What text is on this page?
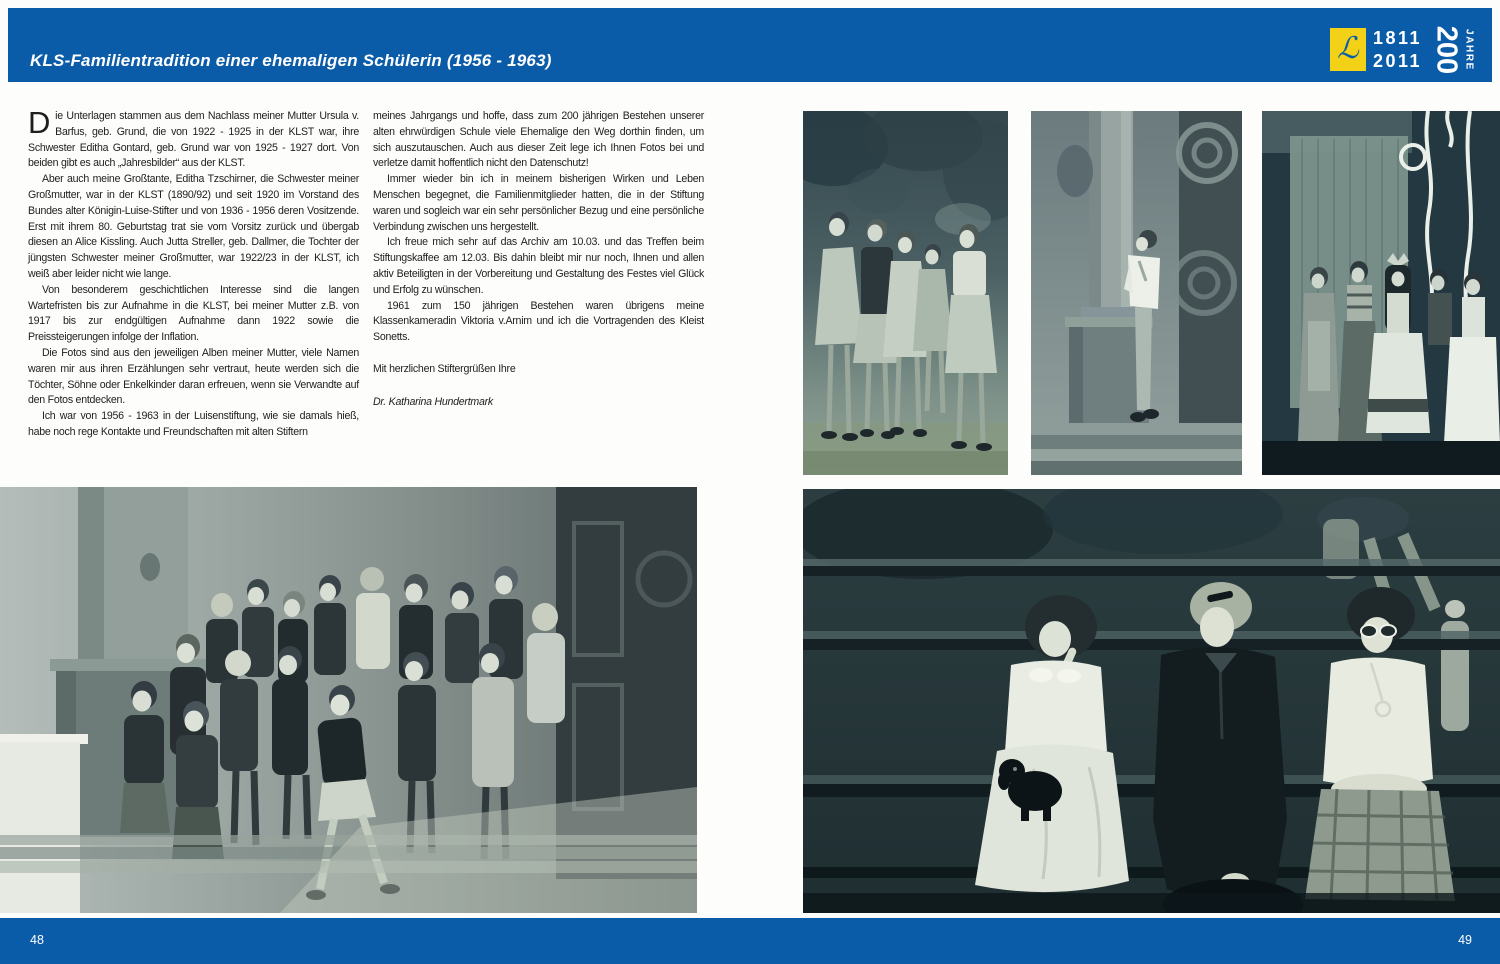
KLS-Familientradition einer ehemaligen Schülerin (1956 - 1963)	ℒ 1811
2011 200 JAHRE

Die Unterlagen stammen aus dem Nachlass meiner Mutter Ursula v. Barfus, geb. Grund, die von 1922 - 1925 in der KLST war, ihre Schwester Editha Gontard, geb. Grund war von 1925 - 1927 dort. Von beiden gibt es auch „Jahresbilder“ aus der KLST.

Aber auch meine Großtante, Editha Tzschirner, die Schwester meiner Großmutter, war in der KLST (1890/92) und seit 1920 im Vorstand des Bundes alter Königin-Luise-Stifter und von 1936 - 1956 deren Vositzende. Erst mit ihrem 80. Geburtstag trat sie vom Vorsitz zurück und übergab diesen an Alice Kissling. Auch Jutta Streller, geb. Dallmer, die Tochter der jüngsten Schwester meiner Großmutter, war 1922/23 in der KLST, ich weiß aber leider nicht wie lange.

Von besonderem geschichtlichen Interesse sind die langen Wartefristen bis zur Aufnahme in die KLST, bei meiner Mutter z.B. von 1917 bis zur endgültigen Aufnahme dann 1922 sowie die Preissteigerungen infolge der Inflation.

Die Fotos sind aus den jeweiligen Alben meiner Mutter, viele Namen waren mir aus ihren Erzählungen sehr vertraut, heute werden sich die Töchter, Söhne oder Enkelkinder daran erfreuen, wenn sie Verwandte auf den Fotos entdecken.

Ich war von 1956 - 1963 in der Luisenstiftung, wie sie damals hieß, habe noch rege Kontakte und Freundschaften mit alten Stiftern

meines Jahrgangs und hoffe, dass zum 200 jährigen Bestehen unserer alten ehrwürdigen Schule viele Ehemalige den Weg dorthin finden, um sich auszutauschen. Auch aus dieser Zeit lege ich Ihnen Fotos bei und verletze damit hoffentlich nicht den Datenschutz!

Immer wieder bin ich in meinem bisherigen Wirken und Leben Menschen begegnet, die Familienmitglieder hatten, die in der Stiftung waren und sogleich war ein sehr persönlicher Bezug und eine persönliche Verbindung zwischen uns hergestellt.

Ich freue mich sehr auf das Archiv am 10.03. und das Treffen beim Stiftungskaffee am 12.03. Bis dahin bleibt mir nur noch, Ihnen und allen aktiv Beteiligten in der Vorbereitung und Gestaltung des Festes viel Glück und Erfolg zu wünschen.

1961 zum 150 jährigen Bestehen waren übrigens meine Klassenkameradin Viktoria v.Arnim und ich die Vortragenden des Kleist Sonetts.

Mit herzlichen Stiftergrüßen Ihre

Dr. Katharina Hundertmark

48	49
